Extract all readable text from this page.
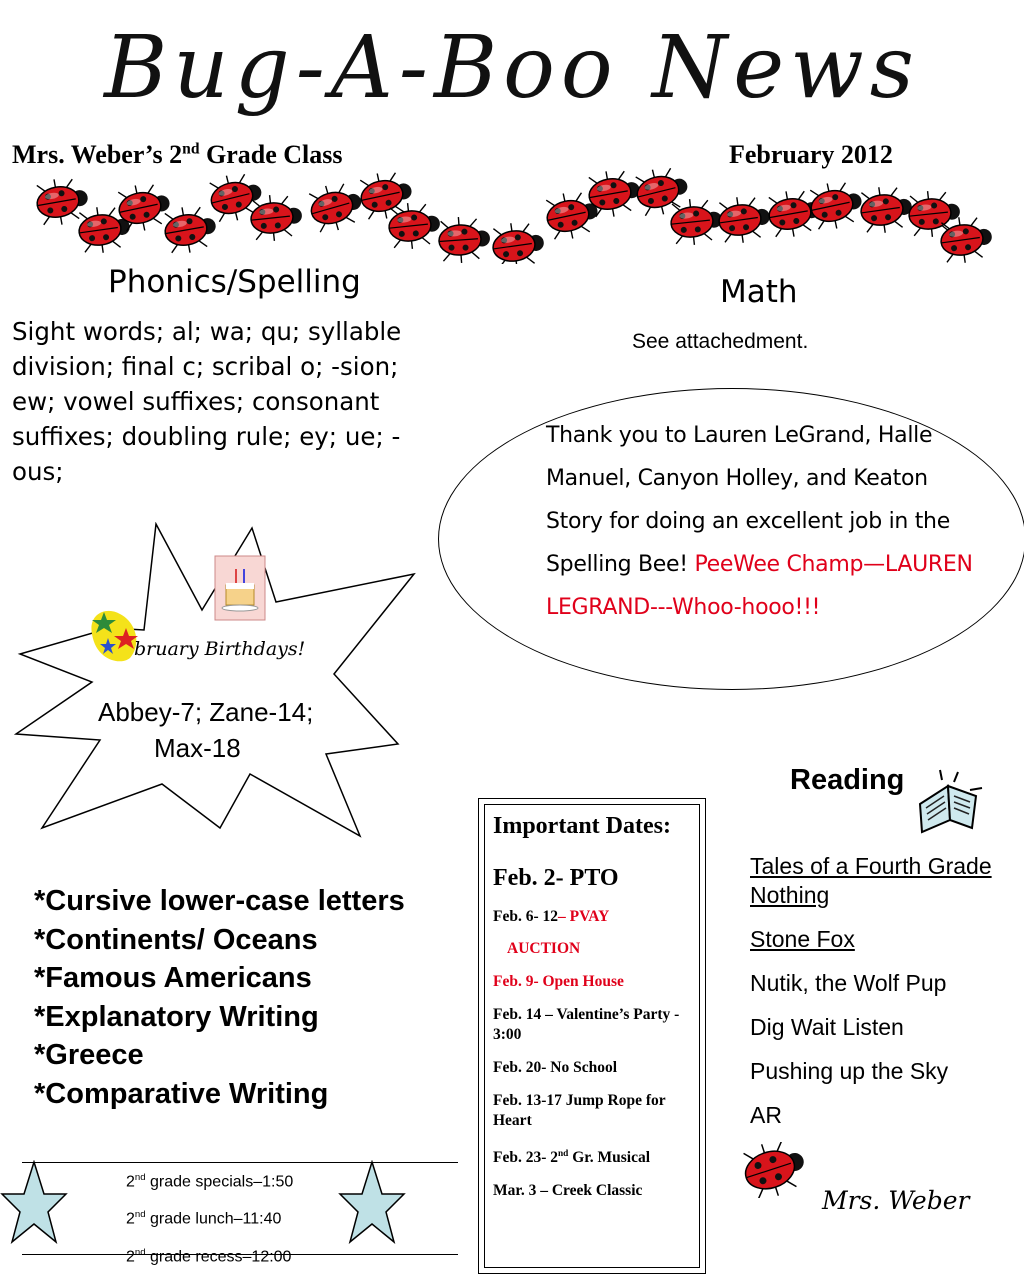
Bug-A-Boo News
Mrs. Weber’s 2nd Grade Class	February 2012
Phonics/Spelling
Sight words; al; wa; qu; syllable division; final c; scribal o; -sion; ew; vowel suffixes; consonant suffixes; doubling rule; ey; ue; -ous;
Math
See attachedment.
Thank you to Lauren LeGrand, Halle Manuel, Canyon Holley, and Keaton Story for doing an excellent job in the Spelling Bee! PeeWee Champ—LAUREN LEGRAND---Whoo-hooo!!!
bruary Birthdays!
Abbey-7; Zane-14;
Max-18
*Cursive lower-case letters
*Continents/ Oceans
*Famous Americans
*Explanatory Writing
*Greece
*Comparative Writing
Important Dates:
Feb. 2- PTO
Feb. 6- 12– PVAY
AUCTION
Feb. 9- Open House
Feb. 14 – Valentine’s Party - 3:00
Feb. 20- No School
Feb. 13-17 Jump Rope for Heart
Feb. 23- 2nd Gr. Musical
Mar. 3 – Creek Classic
Reading
Tales of a Fourth Grade Nothing
Stone Fox
Nutik, the Wolf Pup
Dig Wait Listen
Pushing up the Sky
AR
Mrs. Weber
2nd grade specials–1:50
2nd grade lunch–11:40
2nd grade recess–12:00
